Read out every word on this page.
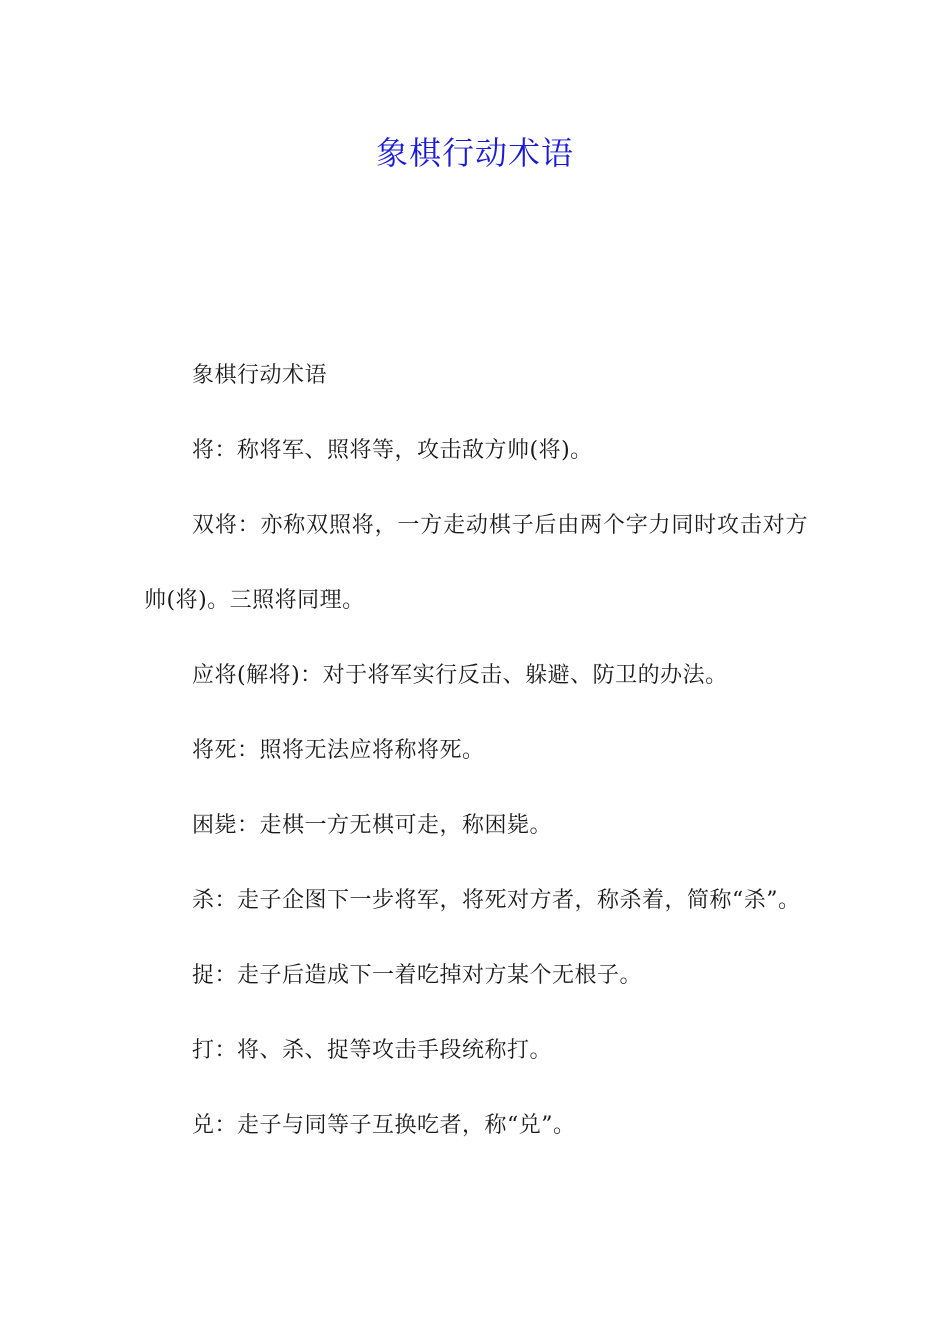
象棋行动术语

象棋行动术语

将：称将军、照将等，攻击敌方帅(将)。

双将：亦称双照将，一方走动棋子后由两个字力同时攻击对方帅(将)。三照将同理。

应将(解将)：对于将军实行反击、躲避、防卫的办法。

将死：照将无法应将称将死。

困毙：走棋一方无棋可走，称困毙。

杀：走子企图下一步将军，将死对方者，称杀着，简称“杀”。

捉：走子后造成下一着吃掉对方某个无根子。

打：将、杀、捉等攻击手段统称打。

兑：走子与同等子互换吃者，称“兑”。
